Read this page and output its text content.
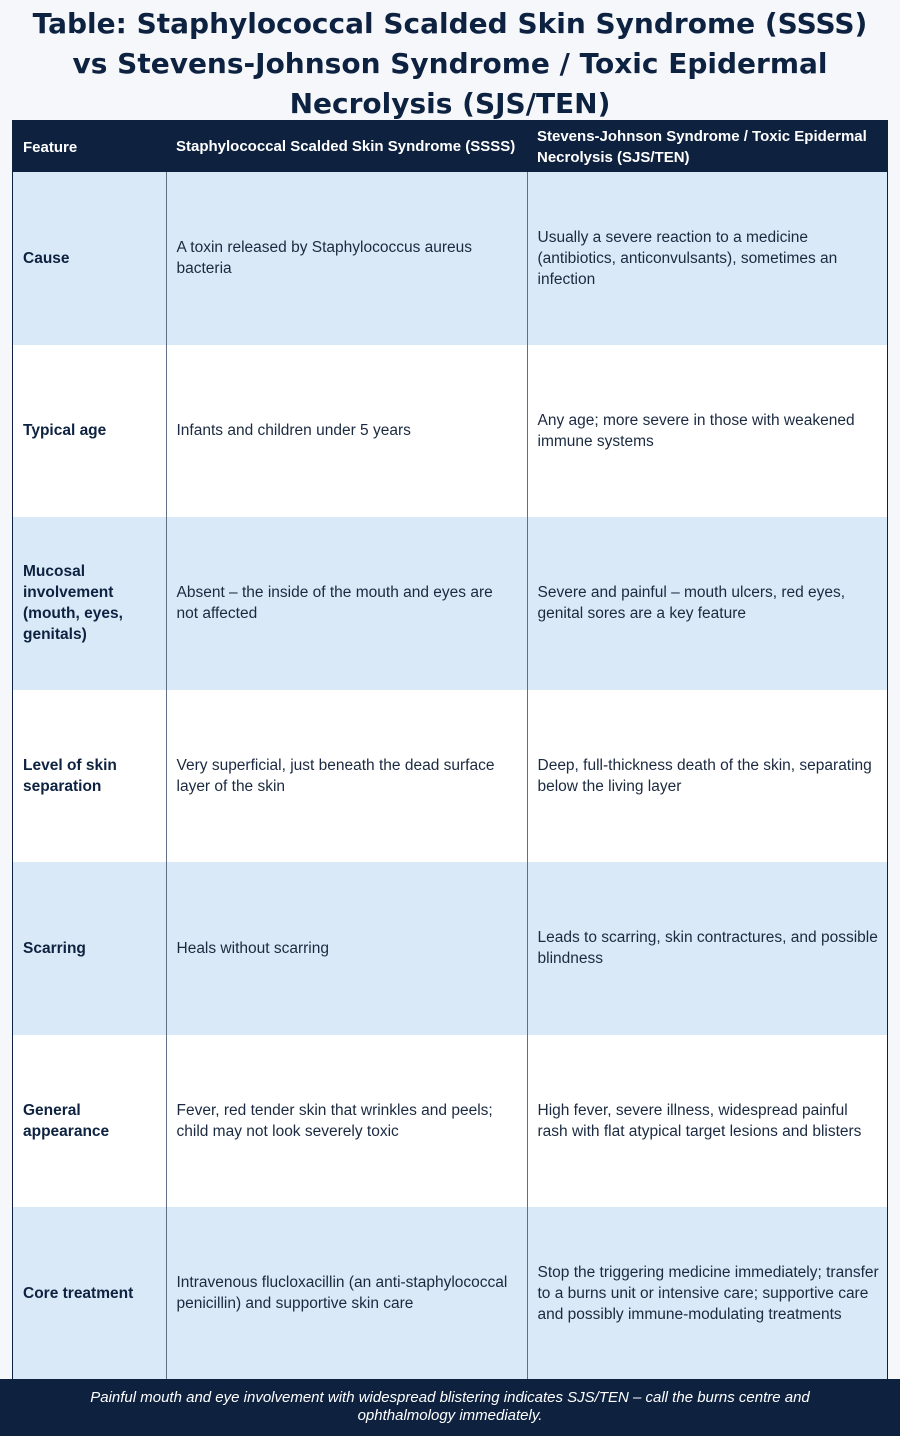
Table: Staphylococcal Scalded Skin Syndrome (SSSS) vs Stevens-Johnson Syndrome / Toxic Epidermal Necrolysis (SJS/TEN)
Feature	Staphylococcal Scalded Skin Syndrome (SSSS)	Stevens-Johnson Syndrome / Toxic Epidermal Necrolysis (SJS/TEN)
Cause	A toxin released by Staphylococcus aureus bacteria	Usually a severe reaction to a medicine (antibiotics, anticonvulsants), sometimes an infection
Typical age	Infants and children under 5 years	Any age; more severe in those with weakened immune systems
Mucosal involvement (mouth, eyes, genitals)	Absent – the inside of the mouth and eyes are not affected	Severe and painful – mouth ulcers, red eyes, genital sores are a key feature
Level of skin separation	Very superficial, just beneath the dead surface layer of the skin	Deep, full-thickness death of the skin, separating below the living layer
Scarring	Heals without scarring	Leads to scarring, skin contractures, and possible blindness
General appearance	Fever, red tender skin that wrinkles and peels; child may not look severely toxic	High fever, severe illness, widespread painful rash with flat atypical target lesions and blisters
Core treatment	Intravenous flucloxacillin (an anti-staphylococcal penicillin) and supportive skin care	Stop the triggering medicine immediately; transfer to a burns unit or intensive care; supportive care and possibly immune-modulating treatments
Painful mouth and eye involvement with widespread blistering indicates SJS/TEN – call the burns centre and ophthalmology immediately.
